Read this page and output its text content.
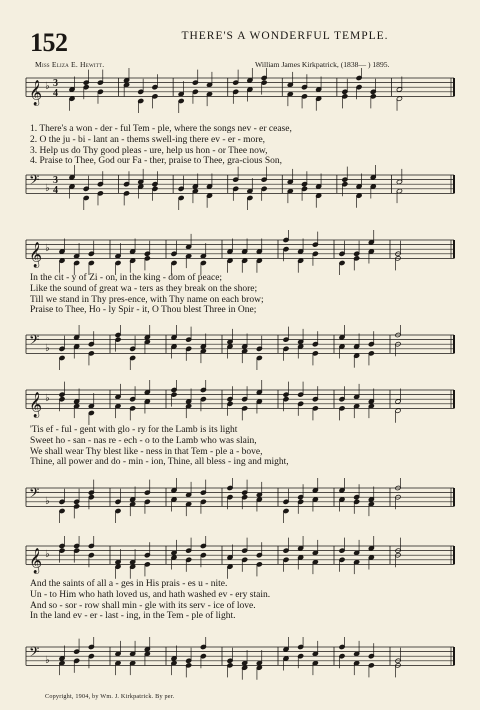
152	THERE'S A WONDERFUL TEMPLE.
Miss Eliza E. Hewitt.	William James Kirkpatrick, (1838— ) 1895.
𝄞 ♭ 3
4
𝄢 ♭
3
4
1. There's a won - der - ful Tem - ple, where the songs nev - er cease,
2. O the ju - bi - lant an - thems swell-ing there ev - er - more,
3. Help us do Thy good pleas - ure, help us hon - or Thee now,
4. Praise to Thee, God our Fa - ther, praise to Thee, gra-cious Son,
𝄞 ♭
𝄢 ♭
In the cit - y of Zi - on, in the king - dom of peace;
Like the sound of great wa - ters as they break on the shore;
Till we stand in Thy pres-ence, with Thy name on each brow;
Praise to Thee, Ho - ly Spir - it, O Thou blest Three in One;
𝄞 ♭
𝄢 ♭
'Tis ef - ful - gent with glo - ry for the Lamb is its light
Sweet ho - san - nas re - ech - o to the Lamb who was slain,
We shall wear Thy blest like - ness in that Tem - ple a - bove,
Thine, all power and do - min - ion, Thine, all bless - ing and might,
𝄞 ♭
𝄢 ♭
And the saints of all a - ges in His prais - es u - nite.
Un - to Him who hath loved us, and hath washed ev - ery stain.
And so - sor - row shall min - gle with its serv - ice of love.
In the land ev - er - last - ing, in the Tem - ple of light.
Copyright, 1904, by Wm. J. Kirkpatrick. By per.
